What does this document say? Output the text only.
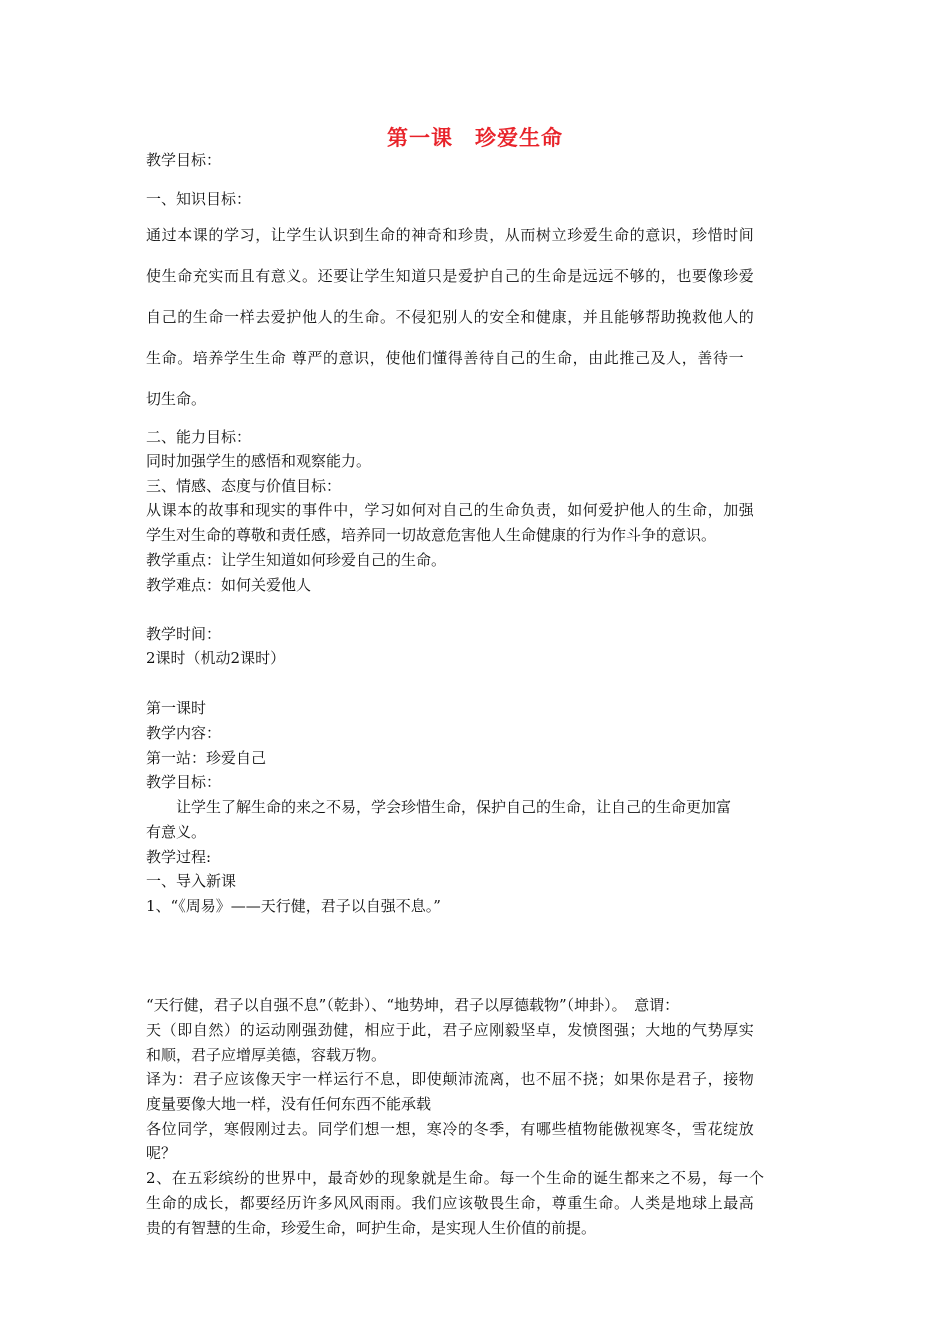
第一课　珍爱生命
教学目标：
一、知识目标：
通过本课的学习，让学生认识到生命的神奇和珍贵，从而树立珍爱生命的意识，珍惜时间
使生命充实而且有意义。还要让学生知道只是爱护自己的生命是远远不够的，也要像珍爱
自己的生命一样去爱护他人的生命。不侵犯别人的安全和健康，并且能够帮助挽救他人的
生命。培养学生生命 尊严的意识，使他们懂得善待自己的生命，由此推己及人，善待一
切生命。
二、能力目标：
同时加强学生的感悟和观察能力。
三、情感、态度与价值目标：
从课本的故事和现实的事件中，学习如何对自己的生命负责，如何爱护他人的生命，加强
学生对生命的尊敬和责任感，培养同一切故意危害他人生命健康的行为作斗争的意识。
教学重点：让学生知道如何珍爱自己的生命。
教学难点：如何关爱他人
教学时间：
2课时（机动2课时）
第一课时
教学内容：
第一站：珍爱自己
教学目标：
　　让学生了解生命的来之不易，学会珍惜生命，保护自己的生命，让自己的生命更加富
有意义。
教学过程:
一、导入新课
1、“《周易》——天行健，君子以自强不息。”
“天行健，君子以自强不息”（乾卦）、“地势坤，君子以厚德载物”（坤卦）。　意谓：
天（即自然）的运动刚强劲健，相应于此，君子应刚毅坚卓，发愤图强；大地的气势厚实
和顺，君子应增厚美德，容载万物。
译为：君子应该像天宇一样运行不息，即使颠沛流离，也不屈不挠；如果你是君子，接物
度量要像大地一样，没有任何东西不能承载
各位同学，寒假刚过去。同学们想一想，寒冷的冬季，有哪些植物能傲视寒冬，雪花绽放
呢？
2、在五彩缤纷的世界中，最奇妙的现象就是生命。每一个生命的诞生都来之不易，每一个
生命的成长，都要经历许多风风雨雨。我们应该敬畏生命，尊重生命。人类是地球上最高
贵的有智慧的生命，珍爱生命，呵护生命，是实现人生价值的前提。
